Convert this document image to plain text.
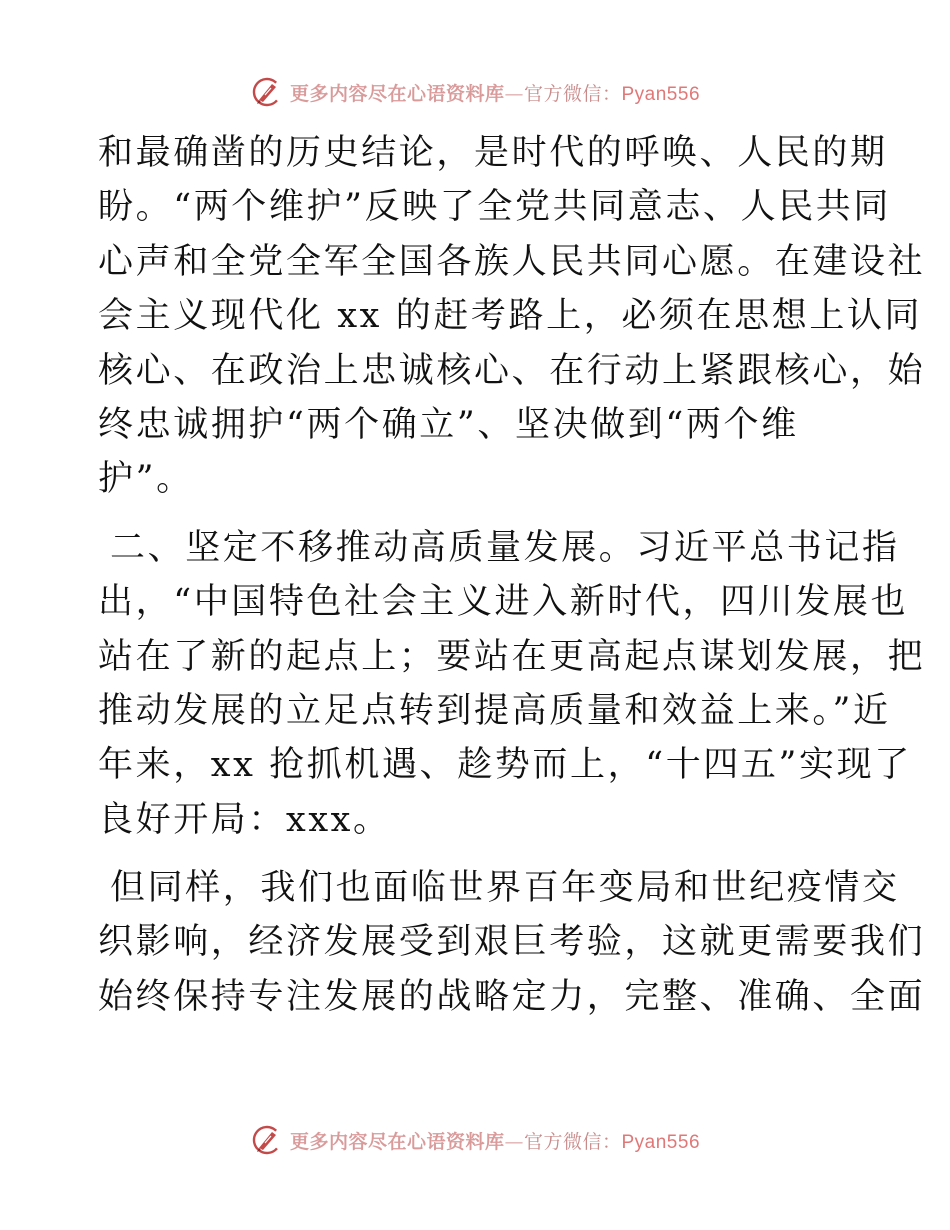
更多内容尽在心语资料库—官方微信：Pyan556
和最确凿的历史结论，是时代的呼唤、人民的期
盼。“两个维护”反映了全党共同意志、人民共同
心声和全党全军全国各族人民共同心愿。在建设社
会主义现代化 xx 的赶考路上，必须在思想上认同
核心、在政治上忠诚核心、在行动上紧跟核心，始
终忠诚拥护“两个确立”、坚决做到“两个维
护”。
二、坚定不移推动高质量发展。习近平总书记指
出，“中国特色社会主义进入新时代，四川发展也
站在了新的起点上；要站在更高起点谋划发展，把
推动发展的立足点转到提高质量和效益上来。”近
年来，xx 抢抓机遇、趁势而上，“十四五”实现了
良好开局：xxx。
但同样，我们也面临世界百年变局和世纪疫情交
织影响，经济发展受到艰巨考验，这就更需要我们
始终保持专注发展的战略定力，完整、准确、全面
更多内容尽在心语资料库—官方微信：Pyan556
